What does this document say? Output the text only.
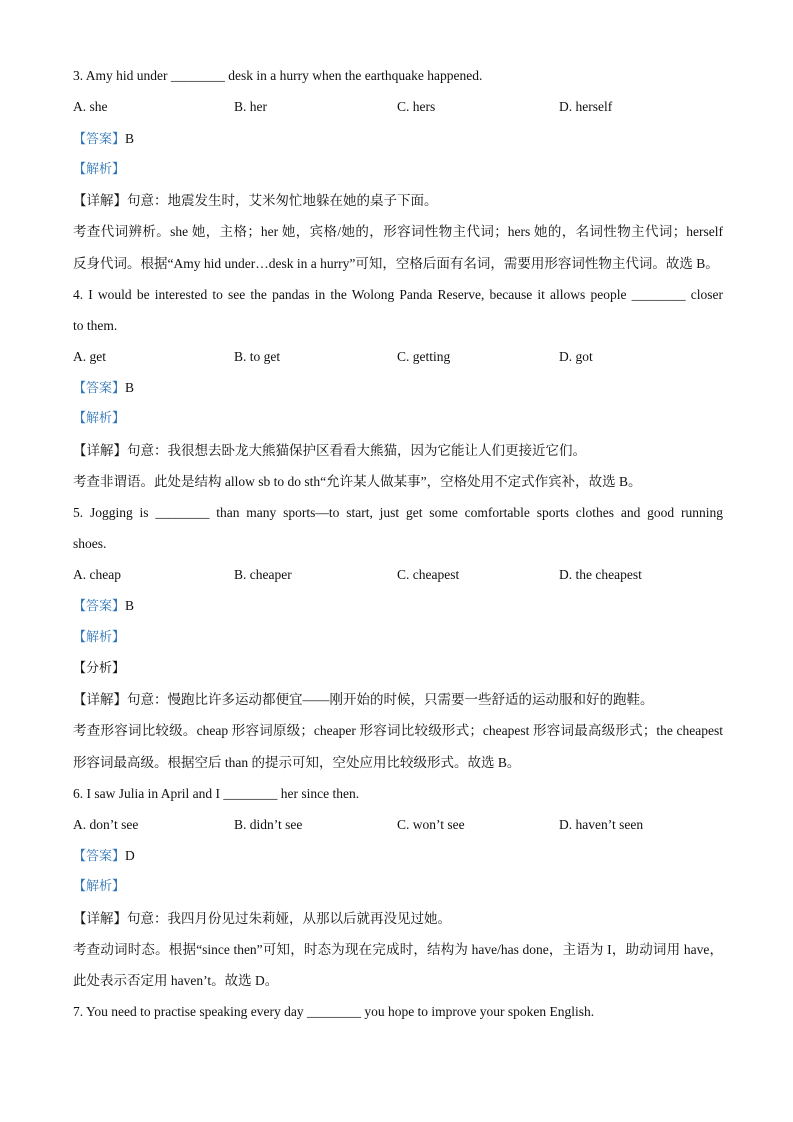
3. Amy hid under ________ desk in a hurry when the earthquake happened.
A. she	B. her	C. hers	D. herself
【答案】B
【解析】
【详解】句意：地震发生时，艾米匆忙地躲在她的桌子下面。
考查代词辨析。she 她，主格；her 她，宾格/她的，形容词性物主代词；hers 她的，名词性物主代词；herself
反身代词。根据“Amy hid under…desk in a hurry”可知，空格后面有名词，需要用形容词性物主代词。故选 B。
4. I would be interested to see the pandas in the Wolong Panda Reserve, because it allows people ________ closer
to them.
A. get	B. to get	C. getting	D. got
【答案】B
【解析】
【详解】句意：我很想去卧龙大熊猫保护区看看大熊猫，因为它能让人们更接近它们。
考查非谓语。此处是结构 allow sb to do sth“允许某人做某事”，空格处用不定式作宾补，故选 B。
5. Jogging is ________ than many sports—to start, just get some comfortable sports clothes and good running
shoes.
A. cheap	B. cheaper	C. cheapest	D. the cheapest
【答案】B
【解析】
【分析】
【详解】句意：慢跑比许多运动都便宜——刚开始的时候，只需要一些舒适的运动服和好的跑鞋。
考查形容词比较级。cheap 形容词原级；cheaper 形容词比较级形式；cheapest 形容词最高级形式；the cheapest
形容词最高级。根据空后 than 的提示可知，空处应用比较级形式。故选 B。
6. I saw Julia in April and I ________ her since then.
A. don’t see	B. didn’t see	C. won’t see	D. haven’t seen
【答案】D
【解析】
【详解】句意：我四月份见过朱莉娅，从那以后就再没见过她。
考查动词时态。根据“since then”可知，时态为现在完成时，结构为 have/has done，主语为 I，助动词用 have，
此处表示否定用 haven’t。故选 D。
7. You need to practise speaking every day ________ you hope to improve your spoken English.
